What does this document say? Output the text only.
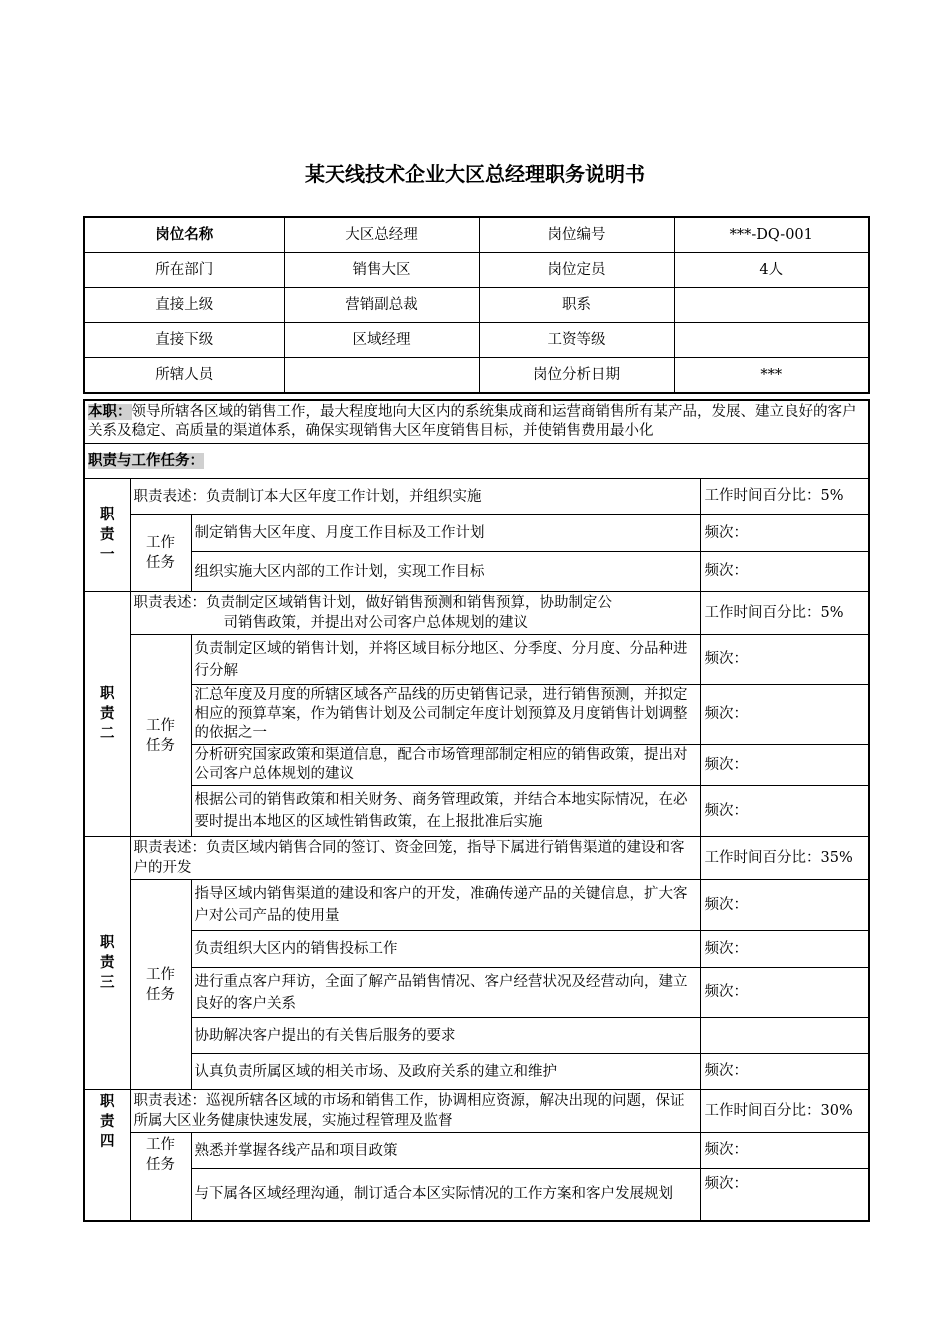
某天线技术企业大区总经理职务说明书
岗位名称	大区总经理	岗位编号	***-DQ-001
所在部门	销售大区	岗位定员	4人
直接上级	营销副总裁	职系	
直接下级	区域经理	工资等级	
所辖人员		岗位分析日期	***
本职：领导所辖各区域的销售工作，最大程度地向大区内的系统集成商和运营商销售所有某产品，发展、建立良好的客户关系及稳定、高质量的渠道体系，确保实现销售大区年度销售目标，并使销售费用最小化			
职责与工作任务：			

职责一	职责表述：负责制订本大区年度工作计划，并组织实施		工作时间百分比：5%

	工作任务	制定销售大区年度、月度工作目标及工作计划	频次：
		组织实施大区内部的工作计划，实现工作目标	频次：

职责二	职责表述：负责制定区域销售计划，做好销售预测和销售预算，协助制定公
司销售政策，并提出对公司客户总体规划的建议		工作时间百分比：5%

	工作任务	负责制定区域的销售计划，并将区域目标分地区、分季度、分月度、分品种进行分解	频次：
		汇总年度及月度的所辖区域各产品线的历史销售记录，进行销售预测，并拟定相应的预算草案，作为销售计划及公司制定年度计划预算及月度销售计划调整的依据之一	频次：
		分析研究国家政策和渠道信息，配合市场管理部制定相应的销售政策，提出对公司客户总体规划的建议	频次：
		根据公司的销售政策和相关财务、商务管理政策，并结合本地实际情况，在必要时提出本地区的区域性销售政策，在上报批准后实施	频次：

职责三	职责表述：负责区域内销售合同的签订、资金回笼，指导下属进行销售渠道的建设和客户的开发		工作时间百分比：35%

	工作任务	指导区域内销售渠道的建设和客户的开发，准确传递产品的关键信息，扩大客户对公司产品的使用量	频次：
		负责组织大区内的销售投标工作	频次：
		进行重点客户拜访，全面了解产品销售情况、客户经营状况及经营动向，建立良好的客户关系	频次：
		协助解决客户提出的有关售后服务的要求	
		认真负责所属区域的相关市场、及政府关系的建立和维护	频次：

职责四	职责表述：巡视所辖各区域的市场和销售工作，协调相应资源，解决出现的问题，保证所属大区业务健康快速发展，实施过程管理及监督		工作时间百分比：30%

	工作任务	熟悉并掌握各线产品和项目政策	频次：
		与下属各区域经理沟通，制订适合本区实际情况的工作方案和客户发展规划	频次：
